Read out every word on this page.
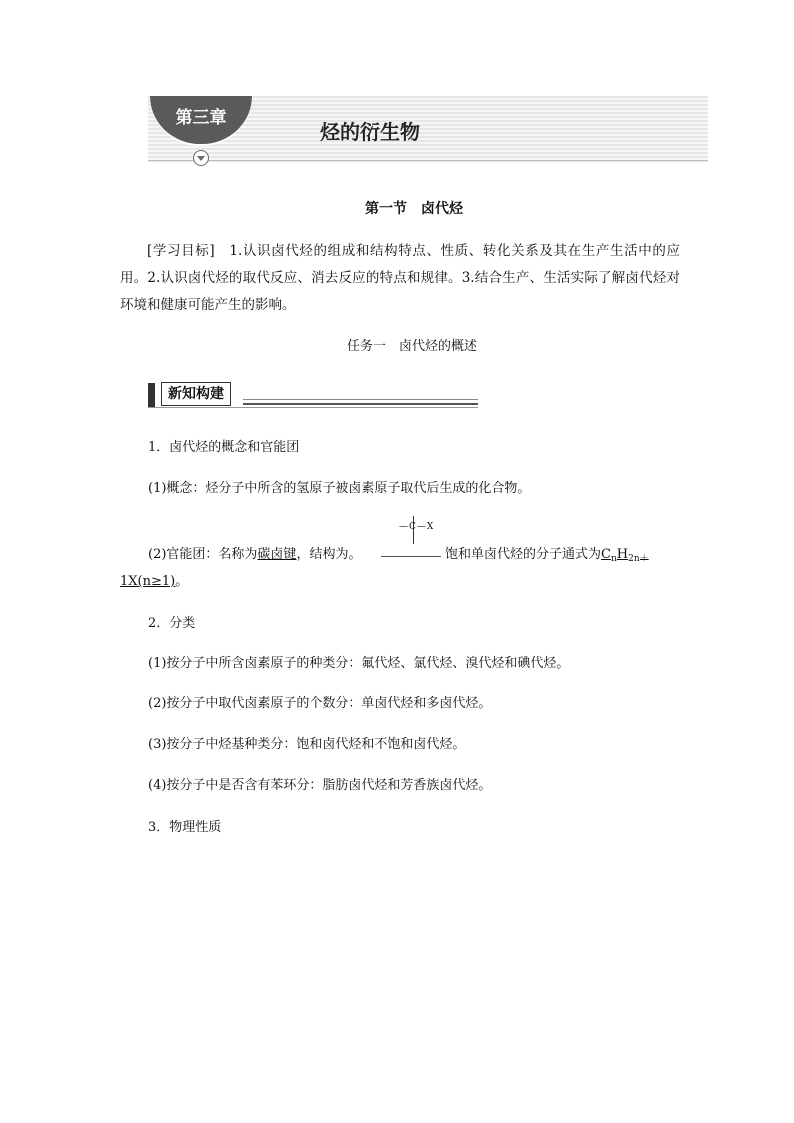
第三章
烃的衍生物
第一节　卤代烃
[学习目标]　1.认识卤代烃的组成和结构特点、性质、转化关系及其在生产生活中的应用。2.认识卤代烃的取代反应、消去反应的特点和规律。3.结合生产、生活实际了解卤代烃对环境和健康可能产生的影响。
任务一　卤代烃的概述
新知构建
1．卤代烃的概念和官能团
(1)概念：烃分子中所含的氢原子被卤素原子取代后生成的化合物。
(2)官能团：名称为碳卤键，结构为。
—C—X
饱和单卤代烃的分子通式为$C_nH_{2n+}$
1X(n≥1)。
2．分类
(1)按分子中所含卤素原子的种类分：氟代烃、氯代烃、溴代烃和碘代烃。
(2)按分子中取代卤素原子的个数分：单卤代烃和多卤代烃。
(3)按分子中烃基种类分：饱和卤代烃和不饱和卤代烃。
(4)按分子中是否含有苯环分：脂肪卤代烃和芳香族卤代烃。
3．物理性质
